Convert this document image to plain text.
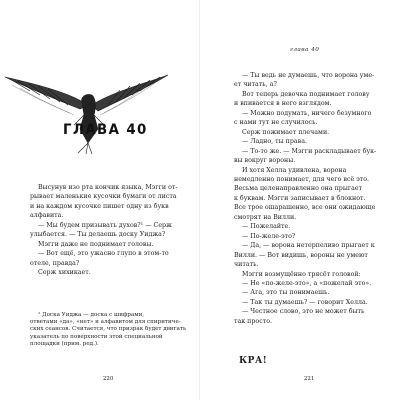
ГЛАВА 40

Высунув изо рта кончик языка, Мэгги от-

рывает маленькие кусочки бумаги от листа

и на каждом кусочке пишет одну из букв

алфавита.

— Мы будем призывать духов?¹ — Серж

улыбается. — Ты делаешь доску Уиджа?

Мэгги даже не поднимает головы.

— Вот ещё, это ужасно глупо в этом-то

отеле, правда?

Серж хихикает.

¹ Доска Уиджа — доска с шифрами,

ответами «да», «нет» и алфавитом для спиритиче-

ских сеансов. Считается, что призрак будет двигать

указатель по поверхности этой специальной

площадки (прим. ред.).

220
глава 40

— Ты ведь не думаешь, что ворона уме-

ет читать, а?

Вот теперь девочка поднимает голову

и впивается в него взглядом.

— Можно подумать, ничего безумного

с нами тут не случилось.

Серж пожимает плечами.

— Ладно, ты права.

— То-то же. — Мэгги раскладывает бук-

вы вокруг вороны.

И хотя Хелла удивлена, ворона

немедленно понимает, для чего всё это.

Весьма целенаправленно она прыгает

к буквам. Мэгги записывает в блокнот.

Все трое ошарашенно, все они ожидающе

смотрят на Вилли.

— Пожелайте.

— По-желе-это?

— Да, — ворона нетерпеливо прыгает к

Вилли. — Вот видишь, вороны не умеют

читать.

Мэгги возмущённо трясёт головой:

— Не «по-желе-это», а «пожелай это».

— Ага, это ты понимаешь.

— Так ты думаешь? — говорит Хелла.

— Честное слово, это не может быть

так просто.

КРА!
221
